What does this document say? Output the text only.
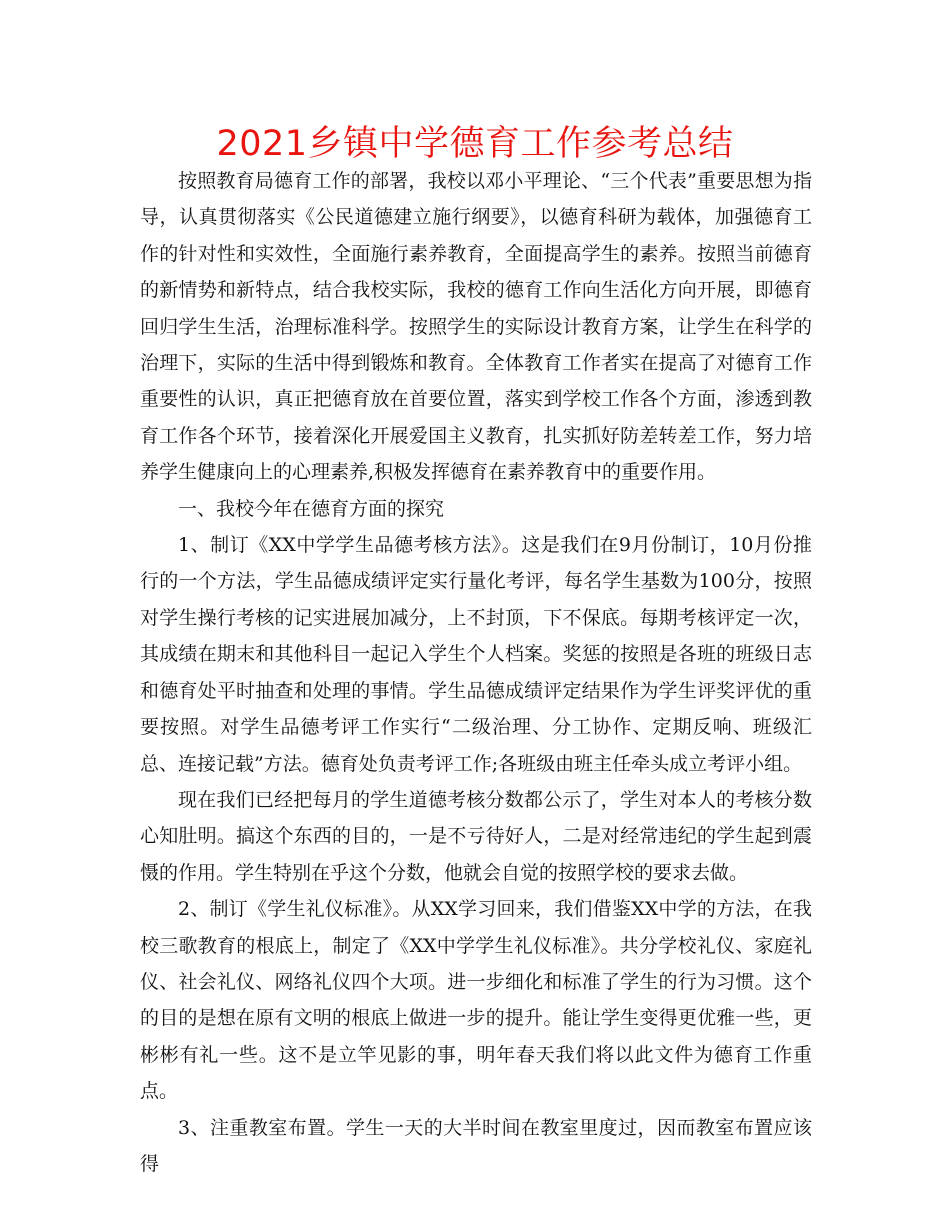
2021乡镇中学德育工作参考总结

按照教育局德育工作的部署，我校以邓小平理论、“三个代表”重要思想为指导，认真贯彻落实《公民道德建立施行纲要》，以德育科研为载体，加强德育工作的针对性和实效性，全面施行素养教育，全面提高学生的素养。按照当前德育的新情势和新特点，结合我校实际，我校的德育工作向生活化方向开展，即德育回归学生生活，治理标准科学。按照学生的实际设计教育方案，让学生在科学的治理下，实际的生活中得到锻炼和教育。全体教育工作者实在提高了对德育工作重要性的认识，真正把德育放在首要位置，落实到学校工作各个方面，渗透到教育工作各个环节，接着深化开展爱国主义教育，扎实抓好防差转差工作，努力培养学生健康向上的心理素养,积极发挥德育在素养教育中的重要作用。

一、我校今年在德育方面的探究

1、制订《XX中学学生品德考核方法》。这是我们在9月份制订，10月份推行的一个方法，学生品德成绩评定实行量化考评，每名学生基数为100分，按照对学生操行考核的记实进展加减分，上不封顶，下不保底。每期考核评定一次，其成绩在期末和其他科目一起记入学生个人档案。奖惩的按照是各班的班级日志和德育处平时抽查和处理的事情。学生品德成绩评定结果作为学生评奖评优的重要按照。对学生品德考评工作实行“二级治理、分工协作、定期反响、班级汇总、连接记载”方法。德育处负责考评工作;各班级由班主任牵头成立考评小组。

现在我们已经把每月的学生道德考核分数都公示了，学生对本人的考核分数心知肚明。搞这个东西的目的，一是不亏待好人，二是对经常违纪的学生起到震慑的作用。学生特别在乎这个分数，他就会自觉的按照学校的要求去做。

2、制订《学生礼仪标准》。从XX学习回来，我们借鉴XX中学的方法，在我校三歌教育的根底上，制定了《XX中学学生礼仪标准》。共分学校礼仪、家庭礼仪、社会礼仪、网络礼仪四个大项。进一步细化和标准了学生的行为习惯。这个的目的是想在原有文明的根底上做进一步的提升。能让学生变得更优雅一些，更彬彬有礼一些。这不是立竿见影的事，明年春天我们将以此文件为德育工作重点。

3、注重教室布置。学生一天的大半时间在教室里度过，因而教室布置应该得
